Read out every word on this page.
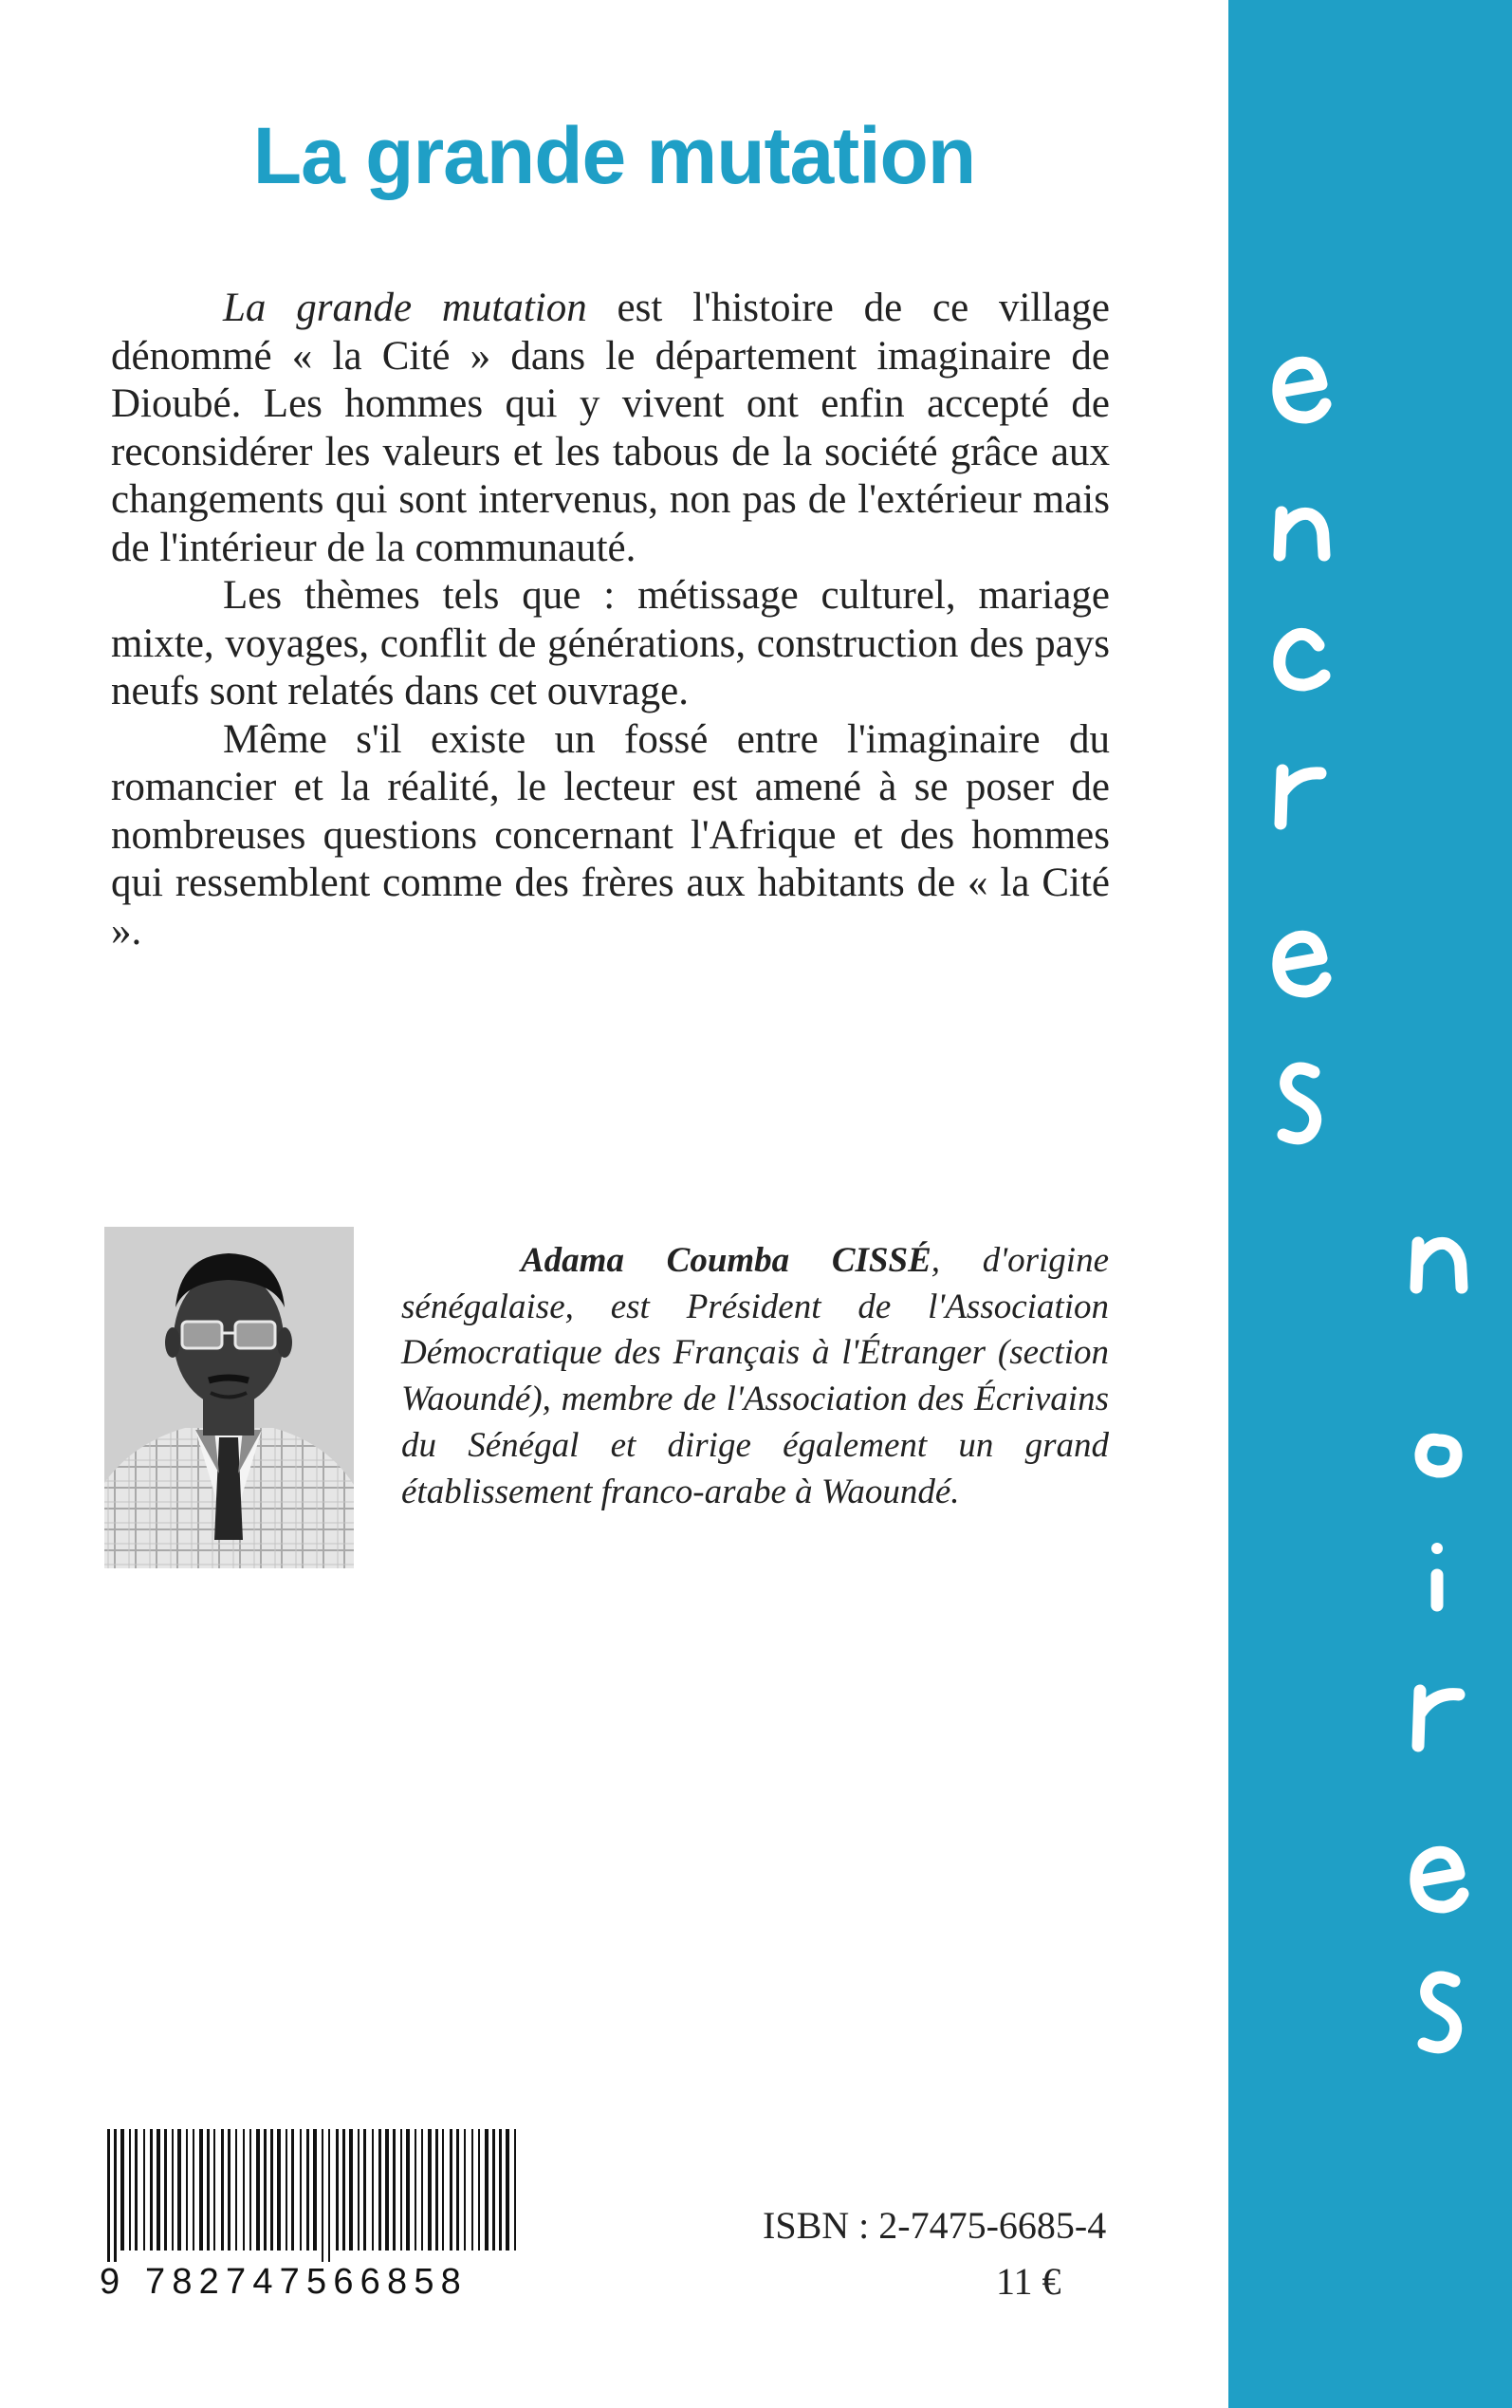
La grande mutation

La grande mutation est l'histoire de ce village dénommé « la Cité » dans le département imaginaire de Dioubé. Les hommes qui y vivent ont enfin accepté de reconsidérer les valeurs et les tabous de la société grâce aux changements qui sont intervenus, non pas de l'extérieur mais de l'intérieur de la communauté.

Les thèmes tels que : métissage culturel, mariage mixte, voyages, conflit de générations, construction des pays neufs sont relatés dans cet ouvrage.

Même s'il existe un fossé entre l'imaginaire du romancier et la réalité, le lecteur est amené à se poser de nombreuses questions concernant l'Afrique et des hommes qui ressemblent comme des frères aux habitants de « la Cité ».

Adama Coumba CISSÉ, d'origine sénégalaise, est Président de l'Association Démocratique des Français à l'Étranger (section Waoundé), membre de l'Association des Écrivains du Sénégal et dirige également un grand établissement franco-arabe à Waoundé.

9 782747566858
ISBN : 2-7475-6685-4
11 €
